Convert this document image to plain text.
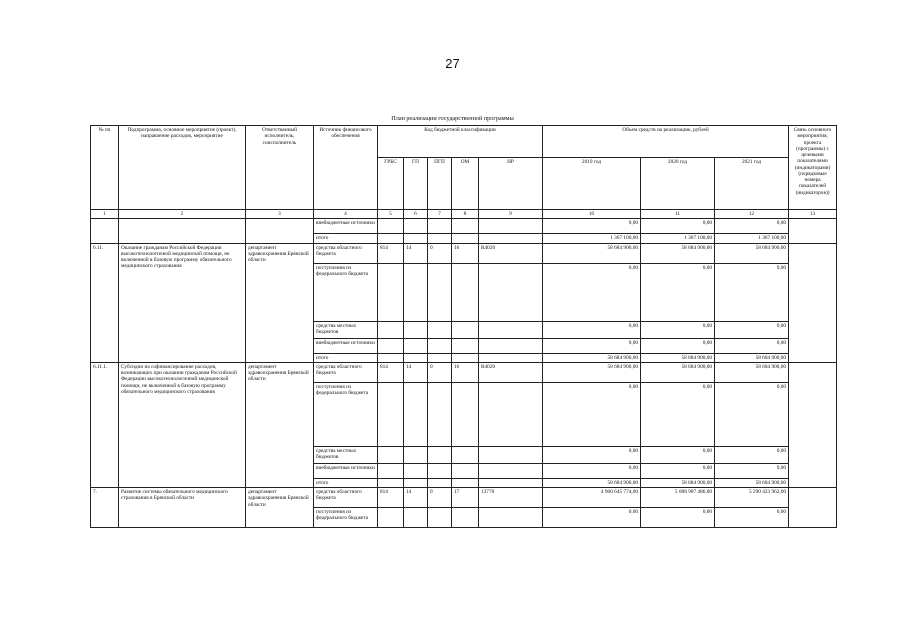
27
План реализации государственной программы
№ пп	Подпрограмма, основное мероприятие (проект), направление расходов, мероприятие	Ответственный исполнитель, соисполнитель	Источник финансового обеспечения	Код бюджетной классификации					Объем средств на реализацию, рублей			Связь основного мероприятия, проекта (программы) с целевыми показателями (индикаторами) (порядковые номера показателей (индикаторов))
				ГРБС	ГП	ПГП	ОМ	НР	2019 год	2020 год	2021 год	
1	2	3	4	5	6	7	8	9	10	11	12	13
			внебюджетные источники						0,00	0,00	0,00	
			итого						1 367 100,00	1 367 100,00	1 367 100,00	
6.11.	Оказание гражданам Российской Федерации высокотехнологичной медицинской помощи, не включенной в базовую программу обязательного медицинского страхования	департамент здравоохранения Брянской области	средства областного бюджета	814	14	0	16	R4020	58 684 900,00	58 684 900,00	58 684 900,00	
			поступления из федерального бюджета						0,00	0,00	0,00	
			средства местных бюджетов						0,00	0,00	0,00	
			внебюджетные источники						0,00	0,00	0,00	
			итого						58 684 900,00	58 684 900,00	58 684 900,00	
6.11.1.	Субсидии на софинансирование расходов, возникающих при оказании гражданам Российской Федерации высокотехнологичной медицинской помощи, не включенной в базовую программу обязательного медицинского страхования	департамент здравоохранения Брянской области	средства областного бюджета	814	14	0	16	R4020	58 684 900,00	58 684 900,00	58 684 900,00	
			поступления из федерального бюджета						0,00	0,00	0,00	
			средства местных бюджетов						0,00	0,00	0,00	
			внебюджетные источники						0,00	0,00	0,00	
			итого						58 684 900,00	58 684 900,00	58 684 900,00	
7.	Развитие системы обязательного медицинского страхования в Брянской области	департамент здравоохранения Брянской области	средства областного бюджета	814	14	0	17	13770	4 900 645 774,00	5 088 987 486,00	5 290 423 962,00	
			поступления из федерального бюджета						0,00	0,00	0,00	
